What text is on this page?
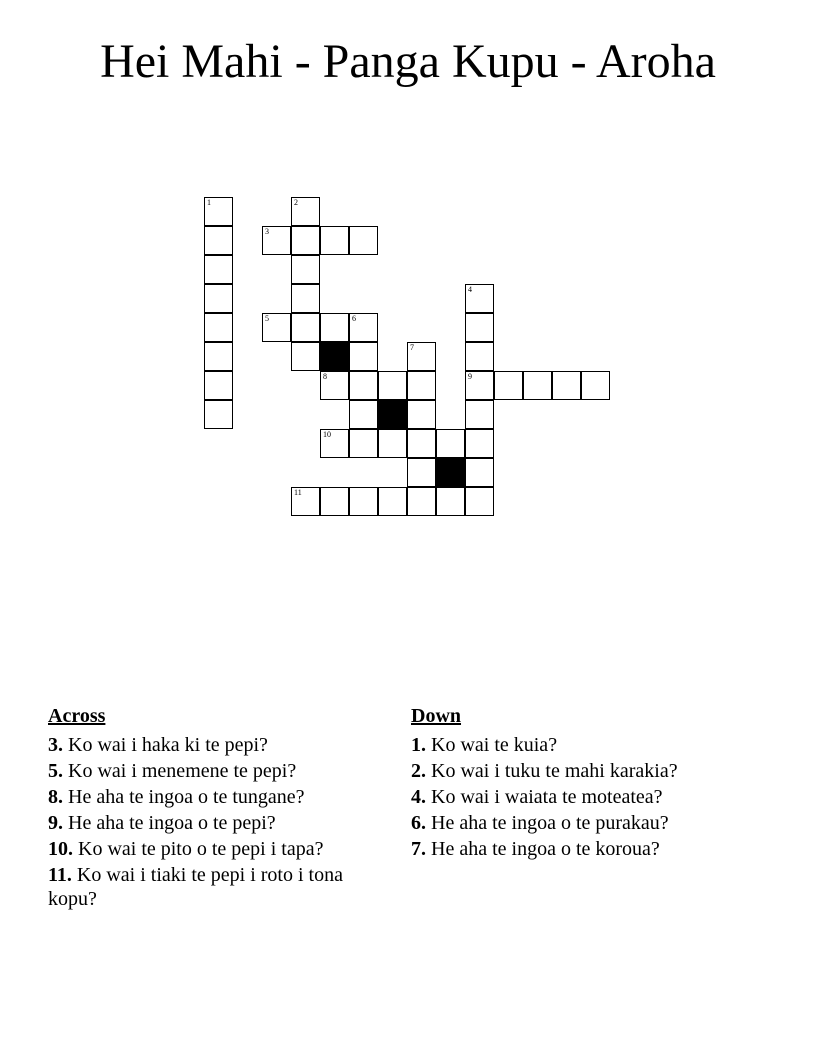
Hei Mahi - Panga Kupu - Aroha
1	2
3
4
5	6
7
8	9
10
11
Across
3. Ko wai i haka ki te pepi?
5. Ko wai i menemene te pepi?
8. He aha te ingoa o te tungane?
9. He aha te ingoa o te pepi?
10. Ko wai te pito o te pepi i tapa?
11. Ko wai i tiaki te pepi i roto i tona kopu?
Down
1. Ko wai te kuia?
2. Ko wai i tuku te mahi karakia?
4. Ko wai i waiata te moteatea?
6. He aha te ingoa o te purakau?
7. He aha te ingoa o te koroua?
